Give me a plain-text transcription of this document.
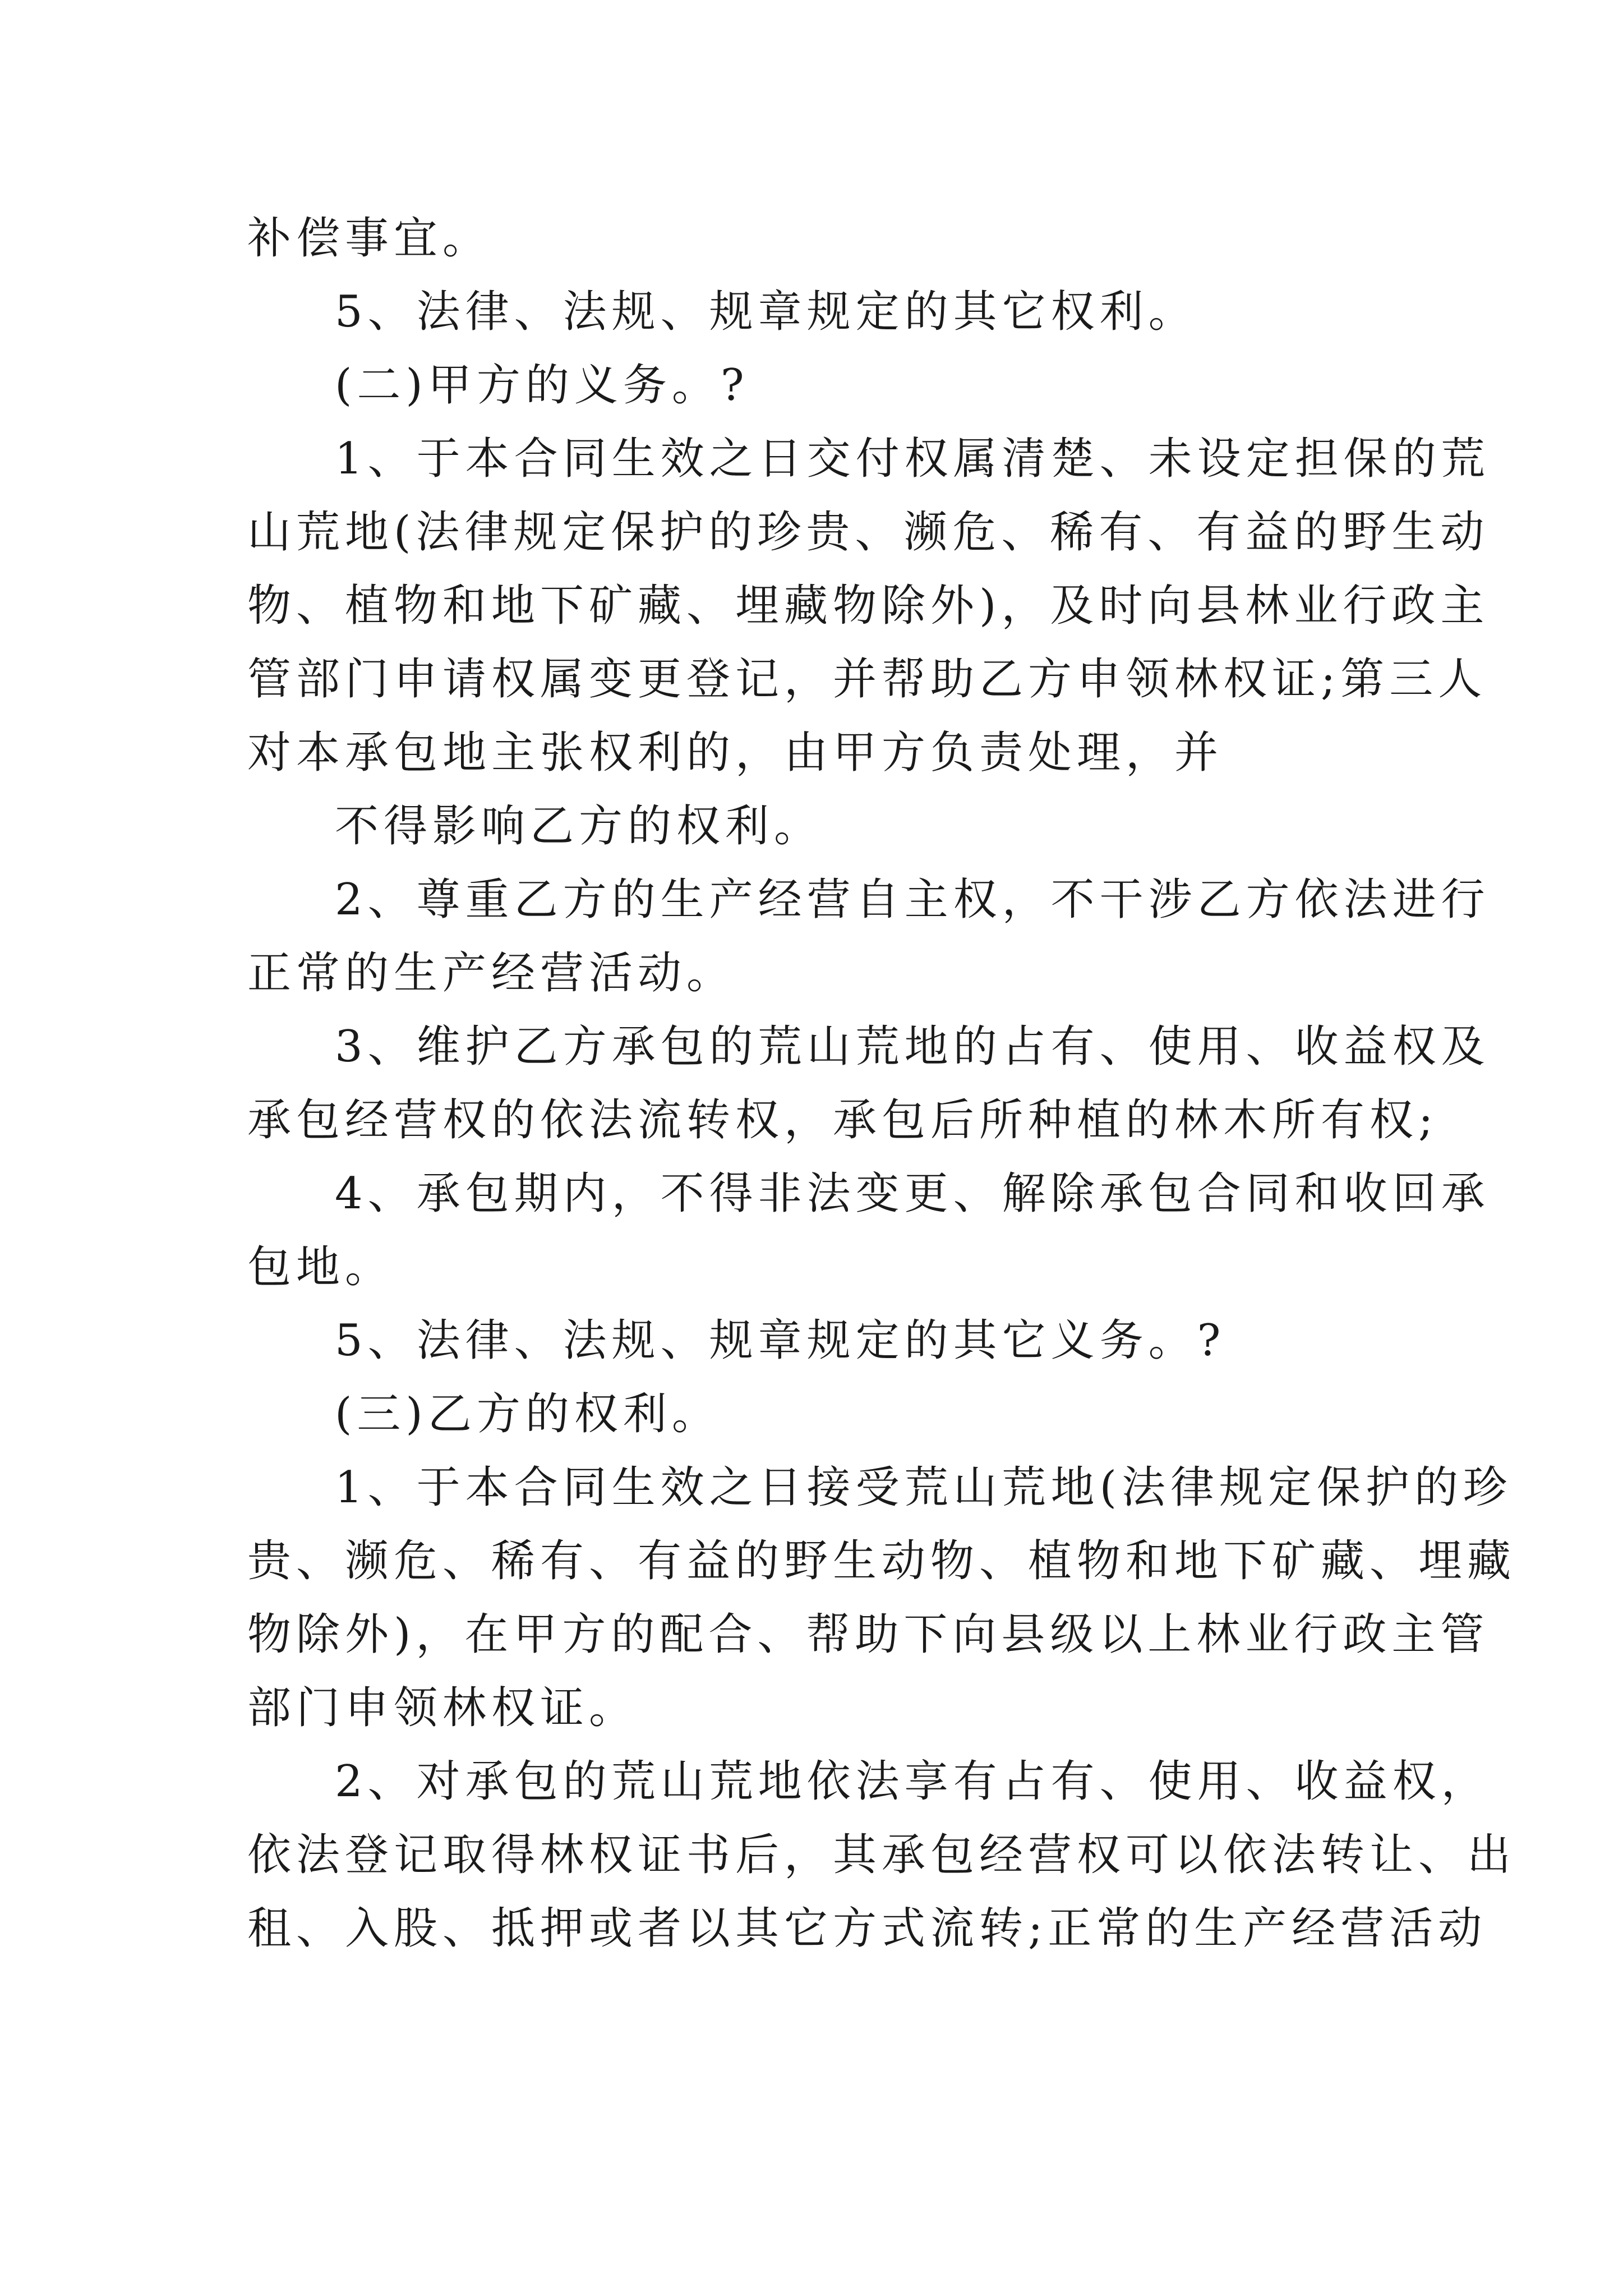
补偿事宜。
5、法律、法规、规章规定的其它权利。
(二)甲方的义务。?
1、于本合同生效之日交付权属清楚、未设定担保的荒
山荒地(法律规定保护的珍贵、濒危、稀有、有益的野生动
物、植物和地下矿藏、埋藏物除外)，及时向县林业行政主
管部门申请权属变更登记，并帮助乙方申领林权证;第三人
对本承包地主张权利的，由甲方负责处理，并
不得影响乙方的权利。
2、尊重乙方的生产经营自主权，不干涉乙方依法进行
正常的生产经营活动。
3、维护乙方承包的荒山荒地的占有、使用、收益权及
承包经营权的依法流转权，承包后所种植的林木所有权;
4、承包期内，不得非法变更、解除承包合同和收回承
包地。
5、法律、法规、规章规定的其它义务。?
(三)乙方的权利。
1、于本合同生效之日接受荒山荒地(法律规定保护的珍
贵、濒危、稀有、有益的野生动物、植物和地下矿藏、埋藏
物除外)，在甲方的配合、帮助下向县级以上林业行政主管
部门申领林权证。
2、对承包的荒山荒地依法享有占有、使用、收益权，
依法登记取得林权证书后，其承包经营权可以依法转让、出
租、入股、抵押或者以其它方式流转;正常的生产经营活动
